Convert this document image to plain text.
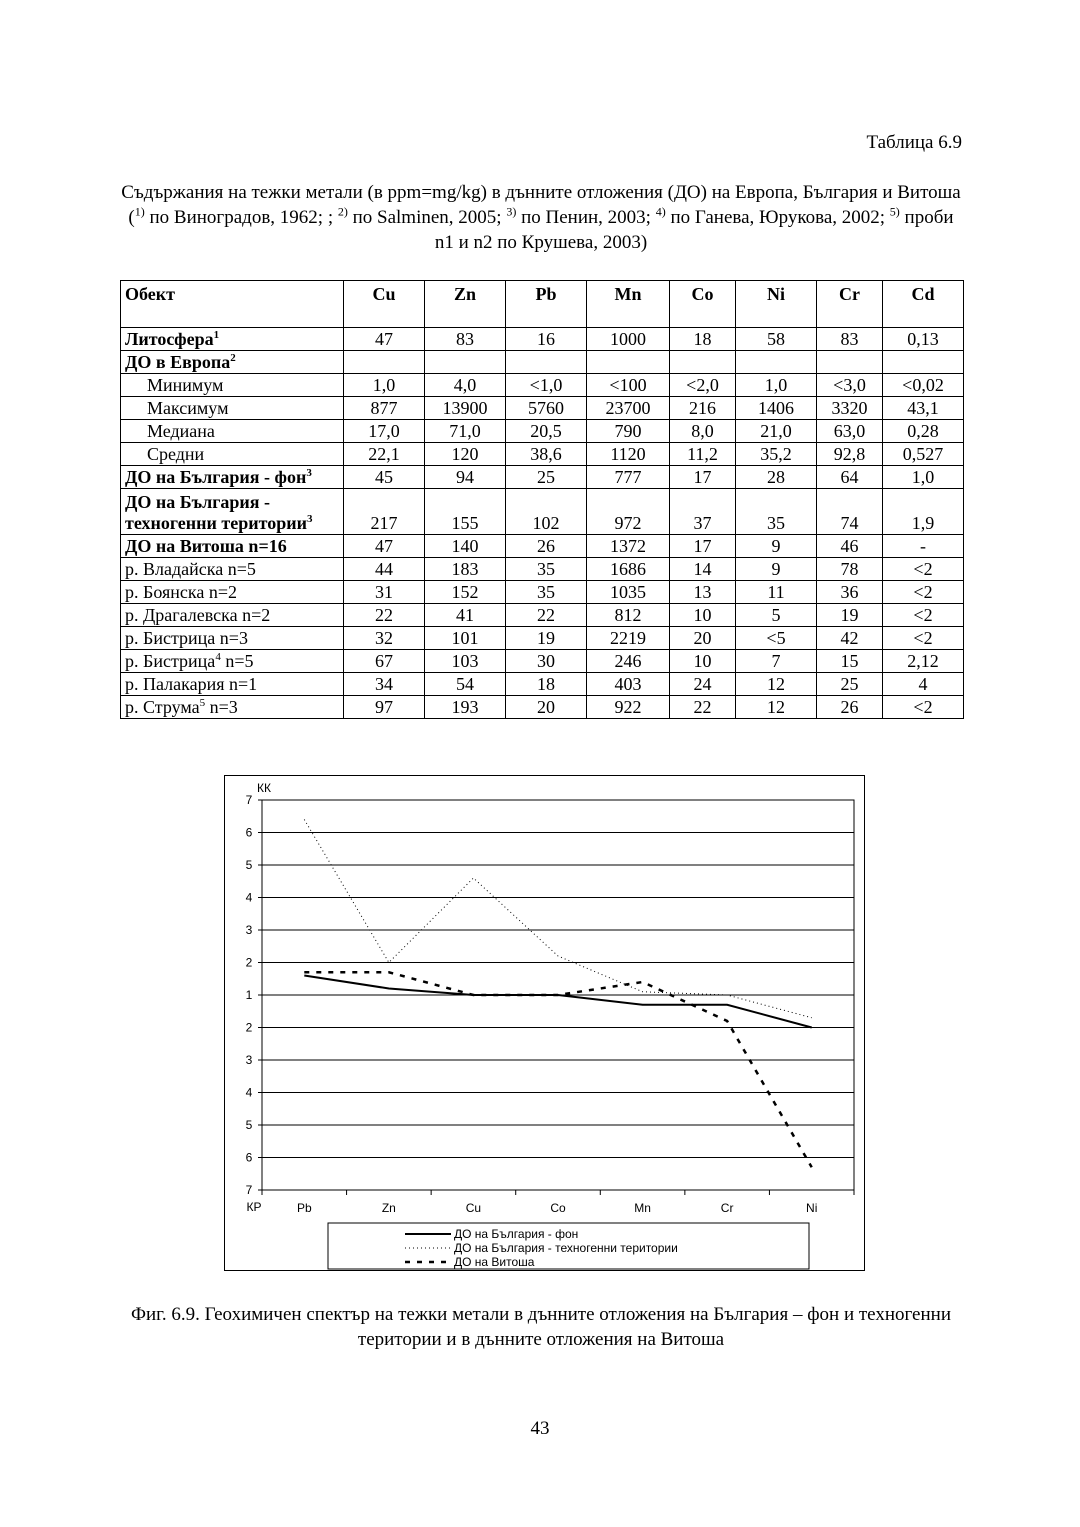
Таблица 6.9
Съдържания на тежки метали (в ppm=mg/kg) в дънните отложения (ДО) на Европа, България и Витоша ($^{1)}$ по Виноградов, 1962; ; $^{2)}$ по Salminen, 2005; $^{3)}$ по Пенин, 2003; $^{4)}$ по Ганева, Юрукова, 2002; $^{5)}$ проби n1 и n2 по Крушева, 2003)
Обект	Cu	Zn	Pb	Mn	Co	Ni	Cr	Cd
Литосфера$^1$	47	83	16	1000	18	58	83	0,13
ДО в Европа$^2$								
Минимум	1,0	4,0	<1,0	<100	<2,0	1,0	<3,0	<0,02
Максимум	877	13900	5760	23700	216	1406	3320	43,1
Медиана	17,0	71,0	20,5	790	8,0	21,0	63,0	0,28
Средни	22,1	120	38,6	1120	11,2	35,2	92,8	0,527
ДО на България - фон$^3$	45	94	25	777	17	28	64	1,0
ДО на България - техногенни територии$^3$	217	155	102	972	37	35	74	1,9
ДО на Витоша n=16	47	140	26	1372	17	9	46	-
р. Владайска n=5	44	183	35	1686	14	9	78	<2
р. Боянска n=2	31	152	35	1035	13	11	36	<2
р. Драгалевска n=2	22	41	22	812	10	5	19	<2
р. Бистрица n=3	32	101	19	2219	20	<5	42	<2
р. Бистрица$^4$ n=5	67	103	30	246	10	7	15	2,12
р. Палакария n=1	34	54	18	403	24	12	25	4
р. Струма$^5$ n=3	97	193	20	922	22	12	26	<2
7
6
5
4
3
2
1
2
3
4
5
6
7
Pb	Zn	Cu	Co	Mn	Cr	Ni
КК
КР
ДО на България - фон
ДО на България - техногенни територии
ДО на Витоша
Фиг. 6.9. Геохимичен спектър на тежки метали в дънните отложения на България – фон и техногенни територии и в дънните отложения на Витоша
43
